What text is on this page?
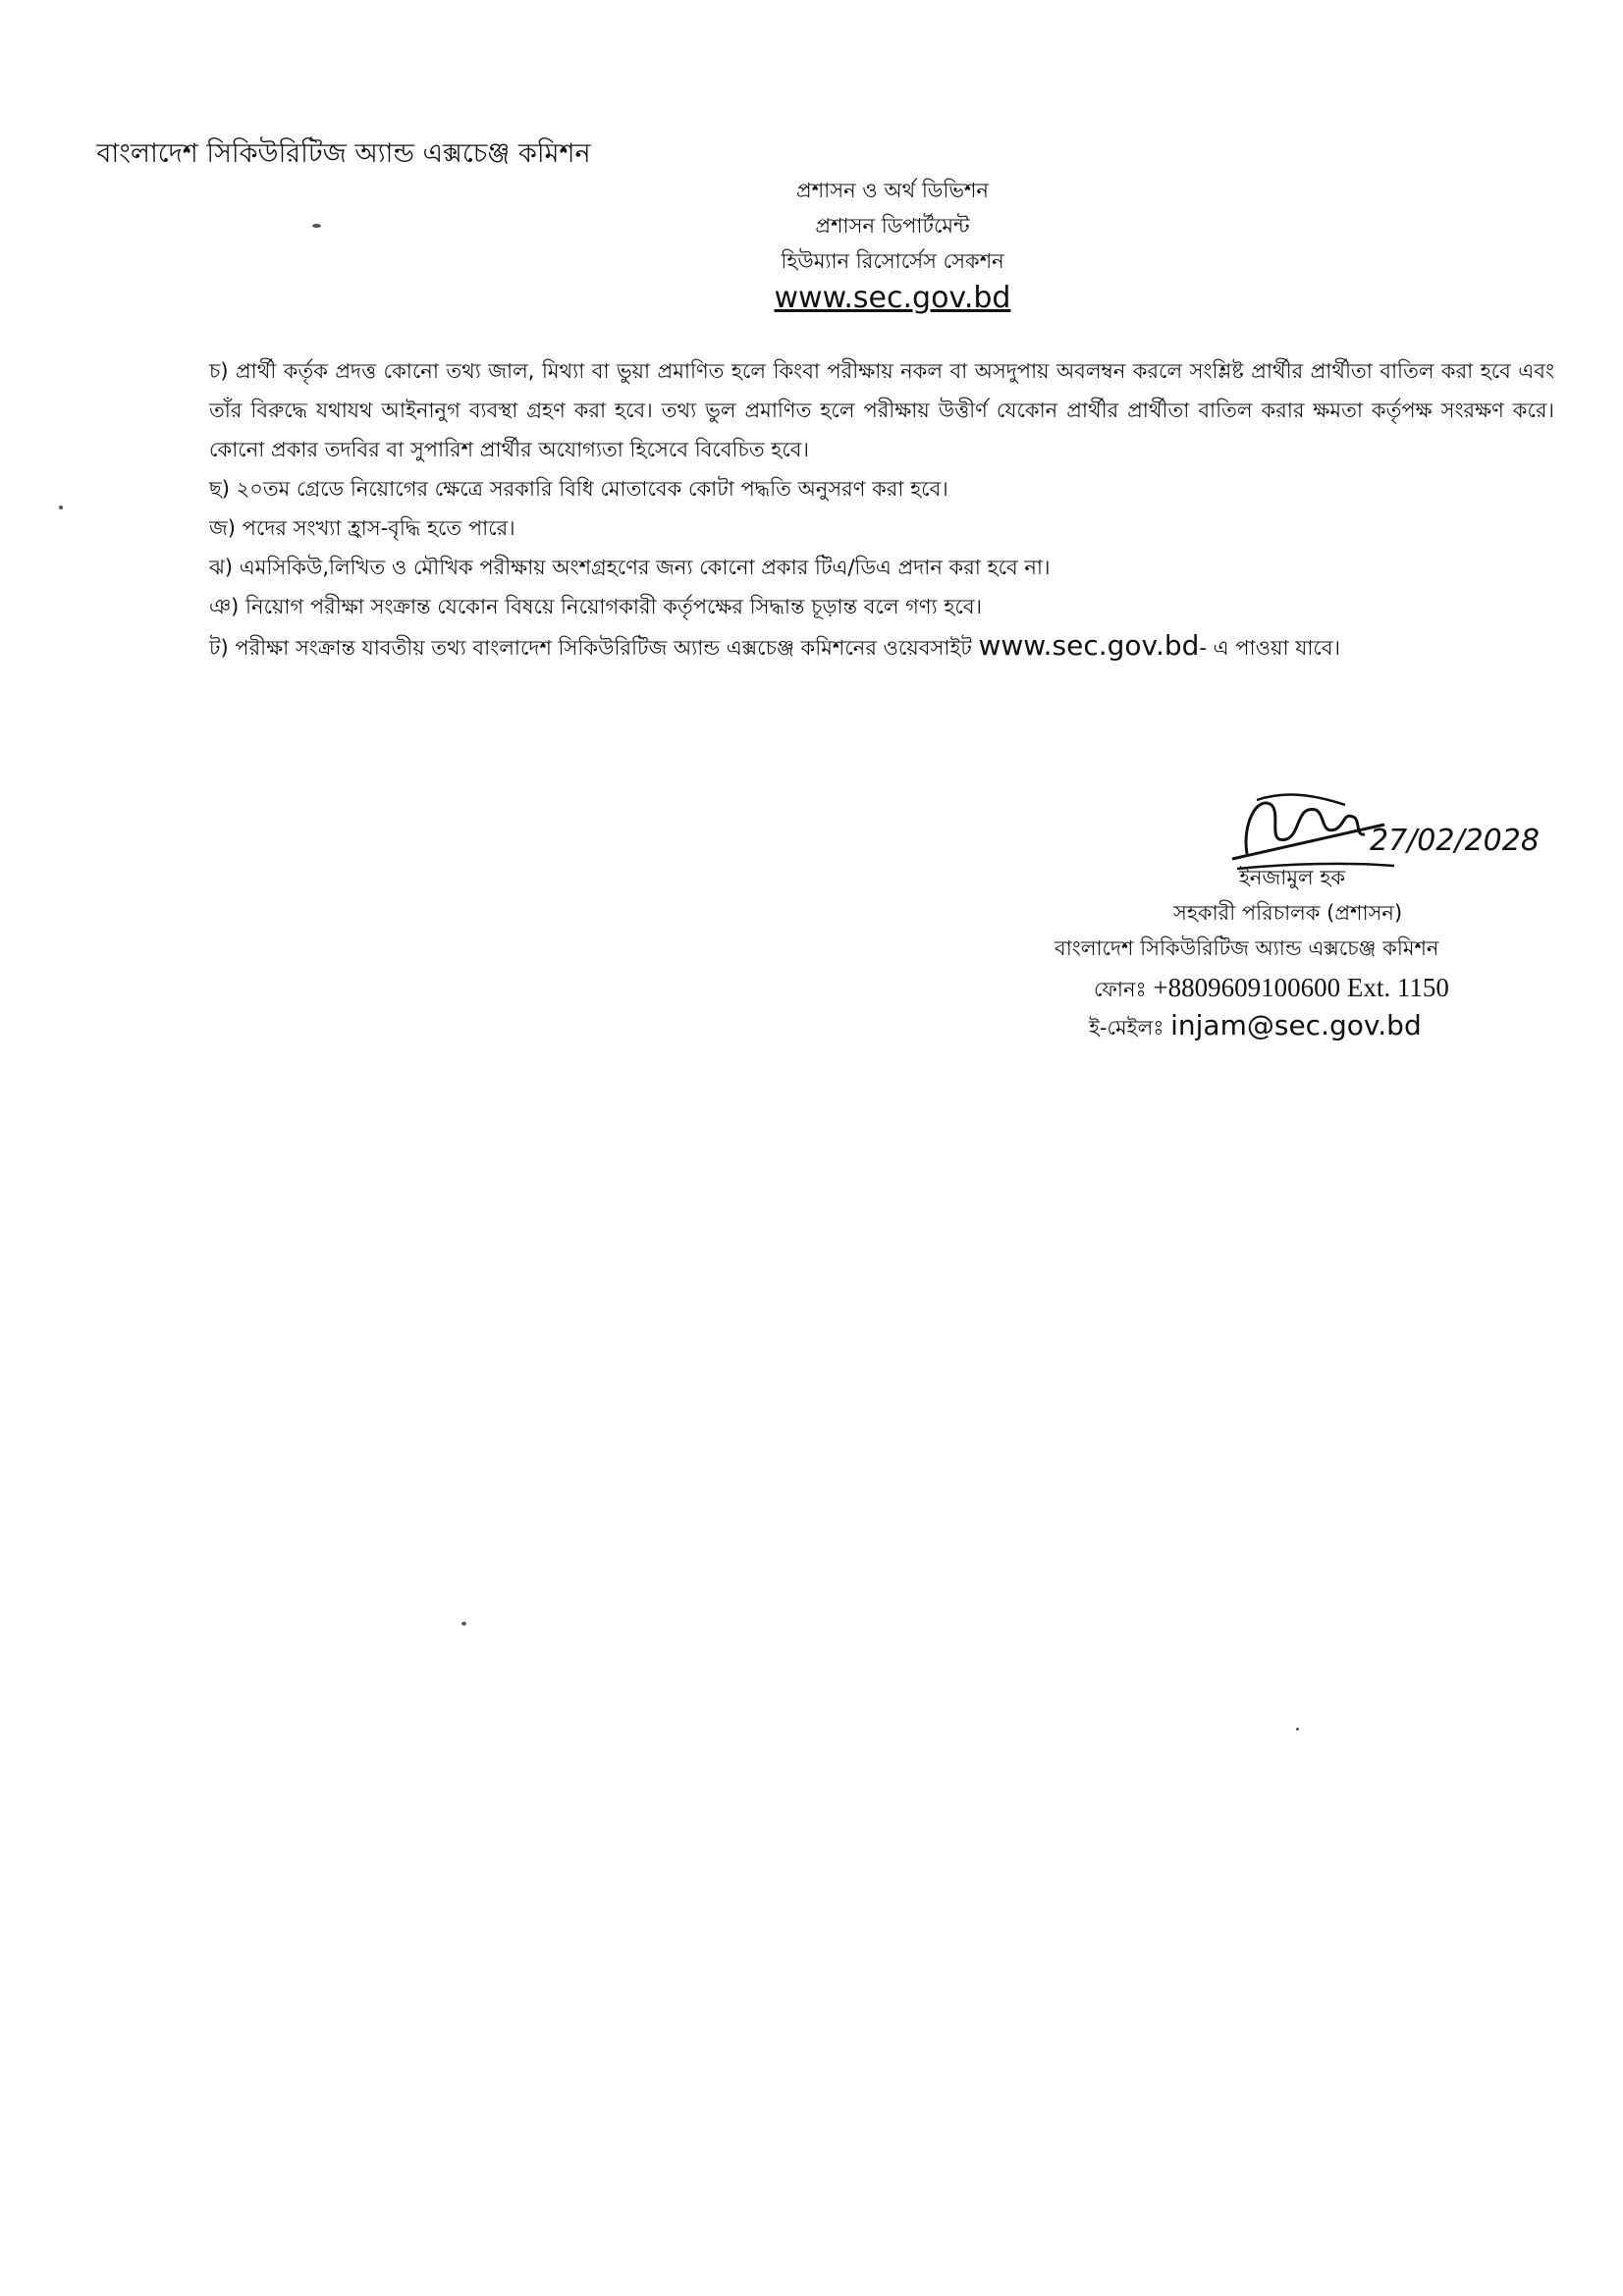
বাংলাদেশ সিকিউরিটিজ অ্যান্ড এক্সচেঞ্জ কমিশন
প্রশাসন ও অর্থ ডিভিশন
প্রশাসন ডিপার্টমেন্ট
হিউম্যান রিসোর্সেস সেকশন
www.sec.gov.bd

চ) প্রার্থী কর্তৃক প্রদত্ত কোনো তথ্য জাল, মিথ্যা বা ভুয়া প্রমাণিত হলে কিংবা পরীক্ষায় নকল বা অসদুপায় অবলম্বন করলে সংশ্লিষ্ট প্রার্থীর প্রার্থীতা বাতিল করা হবে এবং তাঁর বিরুদ্ধে যথাযথ আইনানুগ ব্যবস্থা গ্রহণ করা হবে। তথ্য ভুল প্রমাণিত হলে পরীক্ষায় উত্তীর্ণ যেকোন প্রার্থীর প্রার্থীতা বাতিল করার ক্ষমতা কর্তৃপক্ষ সংরক্ষণ করে। কোনো প্রকার তদবির বা সুপারিশ প্রার্থীর অযোগ্যতা হিসেবে বিবেচিত হবে।

ছ) ২০তম গ্রেডে নিয়োগের ক্ষেত্রে সরকারি বিধি মোতাবেক কোটা পদ্ধতি অনুসরণ করা হবে।

জ) পদের সংখ্যা হ্রাস-বৃদ্ধি হতে পারে।

ঝ) এমসিকিউ,লিখিত ও মৌখিক পরীক্ষায় অংশগ্রহণের জন্য কোনো প্রকার টিএ/ডিএ প্রদান করা হবে না।

ঞ) নিয়োগ পরীক্ষা সংক্রান্ত যেকোন বিষয়ে নিয়োগকারী কর্তৃপক্ষের সিদ্ধান্ত চূড়ান্ত বলে গণ্য হবে।

ট) পরীক্ষা সংক্রান্ত যাবতীয় তথ্য বাংলাদেশ সিকিউরিটিজ অ্যান্ড এক্সচেঞ্জ কমিশনের ওয়েবসাইট www.sec.gov.bd- এ পাওয়া যাবে।

27/02/2028
ইনজামুল হক
সহকারী পরিচালক (প্রশাসন)
বাংলাদেশ সিকিউরিটিজ অ্যান্ড এক্সচেঞ্জ কমিশন
ফোনঃ +8809609100600 Ext. 1150
ই-মেইলঃ injam@sec.gov.bd
